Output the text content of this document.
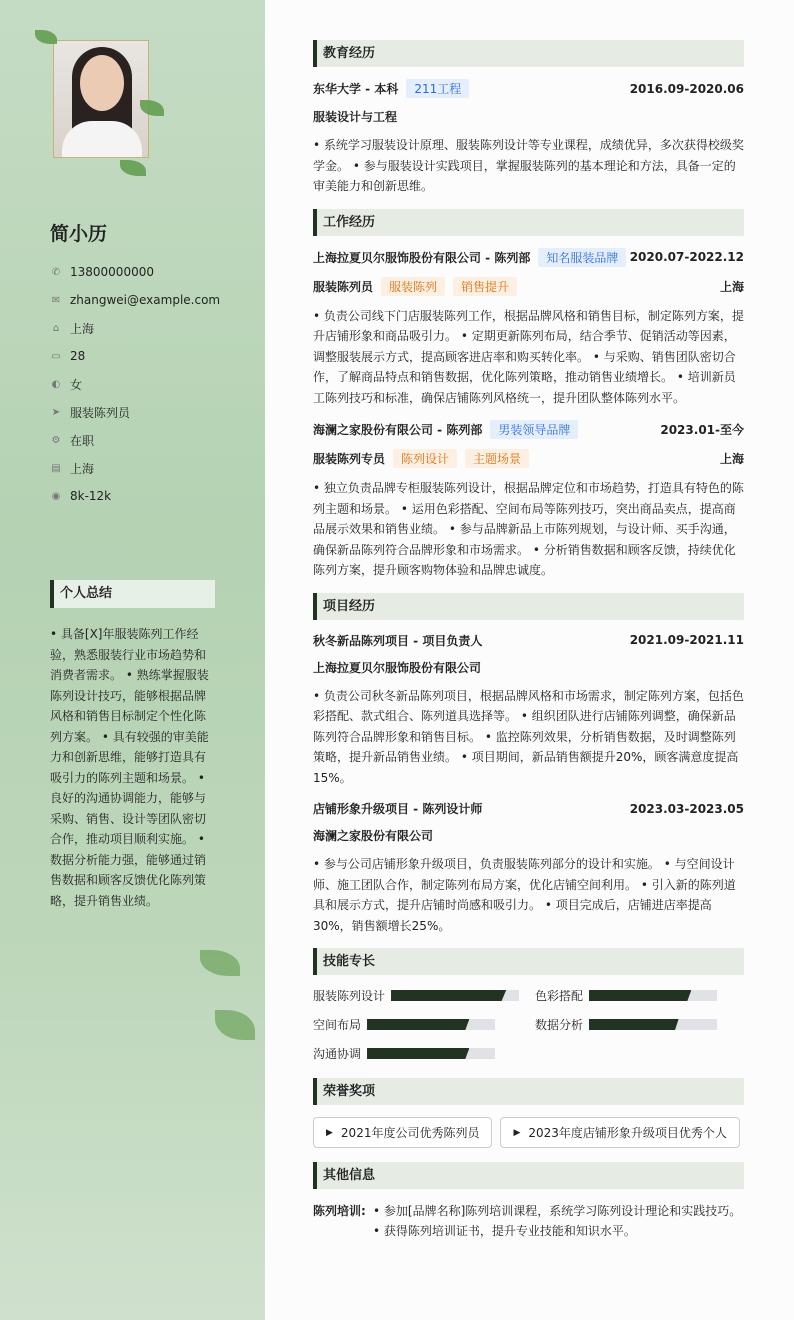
简小历
✆ 13800000000
✉ zhangwei@example.com
⌂ 上海
▭ 28
◐ 女
➤ 服装陈列员
⚙ 在职
▤ 上海
◉ 8k-12k
个人总结
• 具备[X]年服装陈列工作经验，熟悉服装行业市场趋势和消费者需求。 • 熟练掌握服装陈列设计技巧，能够根据品牌风格和销售目标制定个性化陈列方案。 • 具有较强的审美能力和创新思维，能够打造具有吸引力的陈列主题和场景。 • 良好的沟通协调能力，能够与采购、销售、设计等团队密切合作，推动项目顺利实施。 • 数据分析能力强，能够通过销售数据和顾客反馈优化陈列策略，提升销售业绩。
教育经历
东华大学 - 本科	211工程	2016.09-2020.06
服装设计与工程
• 系统学习服装设计原理、服装陈列设计等专业课程，成绩优异，多次获得校级奖学金。 • 参与服装设计实践项目，掌握服装陈列的基本理论和方法，具备一定的审美能力和创新思维。
工作经历
上海拉夏贝尔服饰股份有限公司 - 陈列部	知名服装品牌 2020.07-2022.12
服装陈列员	服装陈列	销售提升	上海
• 负责公司线下门店服装陈列工作，根据品牌风格和销售目标，制定陈列方案，提升店铺形象和商品吸引力。 • 定期更新陈列布局，结合季节、促销活动等因素，调整服装展示方式，提高顾客进店率和购买转化率。 • 与采购、销售团队密切合作，了解商品特点和销售数据，优化陈列策略，推动销售业绩增长。 • 培训新员工陈列技巧和标准，确保店铺陈列风格统一，提升团队整体陈列水平。
海澜之家股份有限公司 - 陈列部	男装领导品牌	2023.01-至今
服装陈列专员	陈列设计	主题场景	上海
• 独立负责品牌专柜服装陈列设计，根据品牌定位和市场趋势，打造具有特色的陈列主题和场景。 • 运用色彩搭配、空间布局等陈列技巧，突出商品卖点，提高商品展示效果和销售业绩。 • 参与品牌新品上市陈列规划，与设计师、买手沟通，确保新品陈列符合品牌形象和市场需求。 • 分析销售数据和顾客反馈，持续优化陈列方案，提升顾客购物体验和品牌忠诚度。
项目经历
秋冬新品陈列项目 - 项目负责人	2021.09-2021.11
上海拉夏贝尔服饰股份有限公司
• 负责公司秋冬新品陈列项目，根据品牌风格和市场需求，制定陈列方案，包括色彩搭配、款式组合、陈列道具选择等。 • 组织团队进行店铺陈列调整，确保新品陈列符合品牌形象和销售目标。 • 监控陈列效果，分析销售数据，及时调整陈列策略，提升新品销售业绩。 • 项目期间，新品销售额提升20%，顾客满意度提高15%。
店铺形象升级项目 - 陈列设计师	2023.03-2023.05
海澜之家股份有限公司
• 参与公司店铺形象升级项目，负责服装陈列部分的设计和实施。 • 与空间设计师、施工团队合作，制定陈列布局方案，优化店铺空间利用。 • 引入新的陈列道具和展示方式，提升店铺时尚感和吸引力。 • 项目完成后，店铺进店率提高30%，销售额增长25%。
技能专长
服装陈列设计	色彩搭配
空间布局	数据分析
沟通协调
荣誉奖项
▶ 2021年度公司优秀陈列员	▶ 2023年度店铺形象升级项目优秀个人
其他信息
陈列培训: • 参加[品牌名称]陈列培训课程，系统学习陈列设计理论和实践技巧。
• 获得陈列培训证书，提升专业技能和知识水平。
